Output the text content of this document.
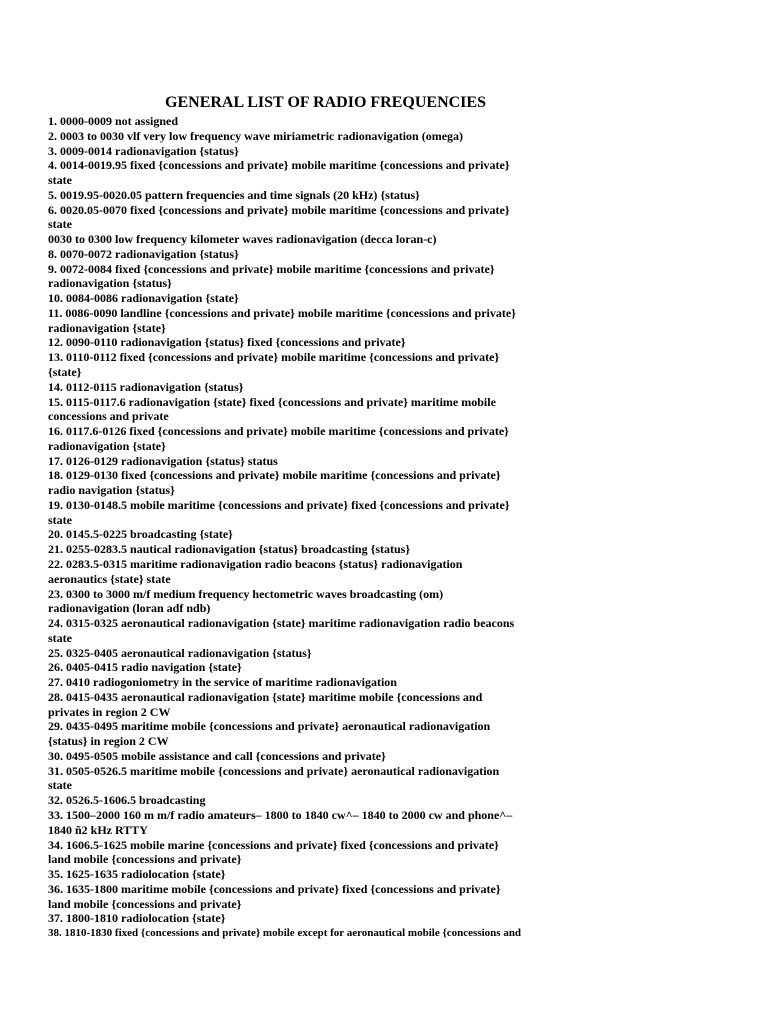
GENERAL LIST OF RADIO FREQUENCIES
1. 0000-0009 not assigned
2. 0003 to 0030 vlf very low frequency wave miriametric radionavigation (omega)
3. 0009-0014 radionavigation {status}
4. 0014-0019.95 fixed {concessions and private} mobile maritime {concessions and private}
state
5. 0019.95-0020.05 pattern frequencies and time signals (20 kHz) {status}
6. 0020.05-0070 fixed {concessions and private} mobile maritime {concessions and private}
state
0030 to 0300 low frequency kilometer waves radionavigation (decca loran-c)
8. 0070-0072 radionavigation {status}
9. 0072-0084 fixed {concessions and private} mobile maritime {concessions and private}
radionavigation {status}
10. 0084-0086 radionavigation {state}
11. 0086-0090 landline {concessions and private} mobile maritime {concessions and private}
radionavigation {state}
12. 0090-0110 radionavigation {status} fixed {concessions and private}
13. 0110-0112 fixed {concessions and private} mobile maritime {concessions and private}
{state}
14. 0112-0115 radionavigation {status}
15. 0115-0117.6 radionavigation {state} fixed {concessions and private} maritime mobile
concessions and private
16. 0117.6-0126 fixed {concessions and private} mobile maritime {concessions and private}
radionavigation {state}
17. 0126-0129 radionavigation {status} status
18. 0129-0130 fixed {concessions and private} mobile maritime {concessions and private}
radio navigation {status}
19. 0130-0148.5 mobile maritime {concessions and private} fixed {concessions and private}
state
20. 0145.5-0225 broadcasting {state}
21. 0255-0283.5 nautical radionavigation {status} broadcasting {status}
22. 0283.5-0315 maritime radionavigation radio beacons {status} radionavigation
aeronautics {state} state
23. 0300 to 3000 m/f medium frequency hectometric waves broadcasting (om)
radionavigation (loran adf ndb)
24. 0315-0325 aeronautical radionavigation {state} maritime radionavigation radio beacons
state
25. 0325-0405 aeronautical radionavigation {status}
26. 0405-0415 radio navigation {state}
27. 0410 radiogoniometry in the service of maritime radionavigation
28. 0415-0435 aeronautical radionavigation {state} maritime mobile {concessions and
privates in region 2 CW
29. 0435-0495 maritime mobile {concessions and private} aeronautical radionavigation
{status} in region 2 CW
30. 0495-0505 mobile assistance and call {concessions and private}
31. 0505-0526.5 maritime mobile {concessions and private} aeronautical radionavigation
state
32. 0526.5-1606.5 broadcasting
33. 1500–2000 160 m m/f radio amateurs– 1800 to 1840 cw^– 1840 to 2000 cw and phone^–
1840 ñ2 kHz RTTY
34. 1606.5-1625 mobile marine {concessions and private} fixed {concessions and private}
land mobile {concessions and private}
35. 1625-1635 radiolocation {state}
36. 1635-1800 maritime mobile {concessions and private} fixed {concessions and private}
land mobile {concessions and private}
37. 1800-1810 radiolocation {state}
38. 1810-1830 fixed {concessions and private} mobile except for aeronautical mobile {concessions and
